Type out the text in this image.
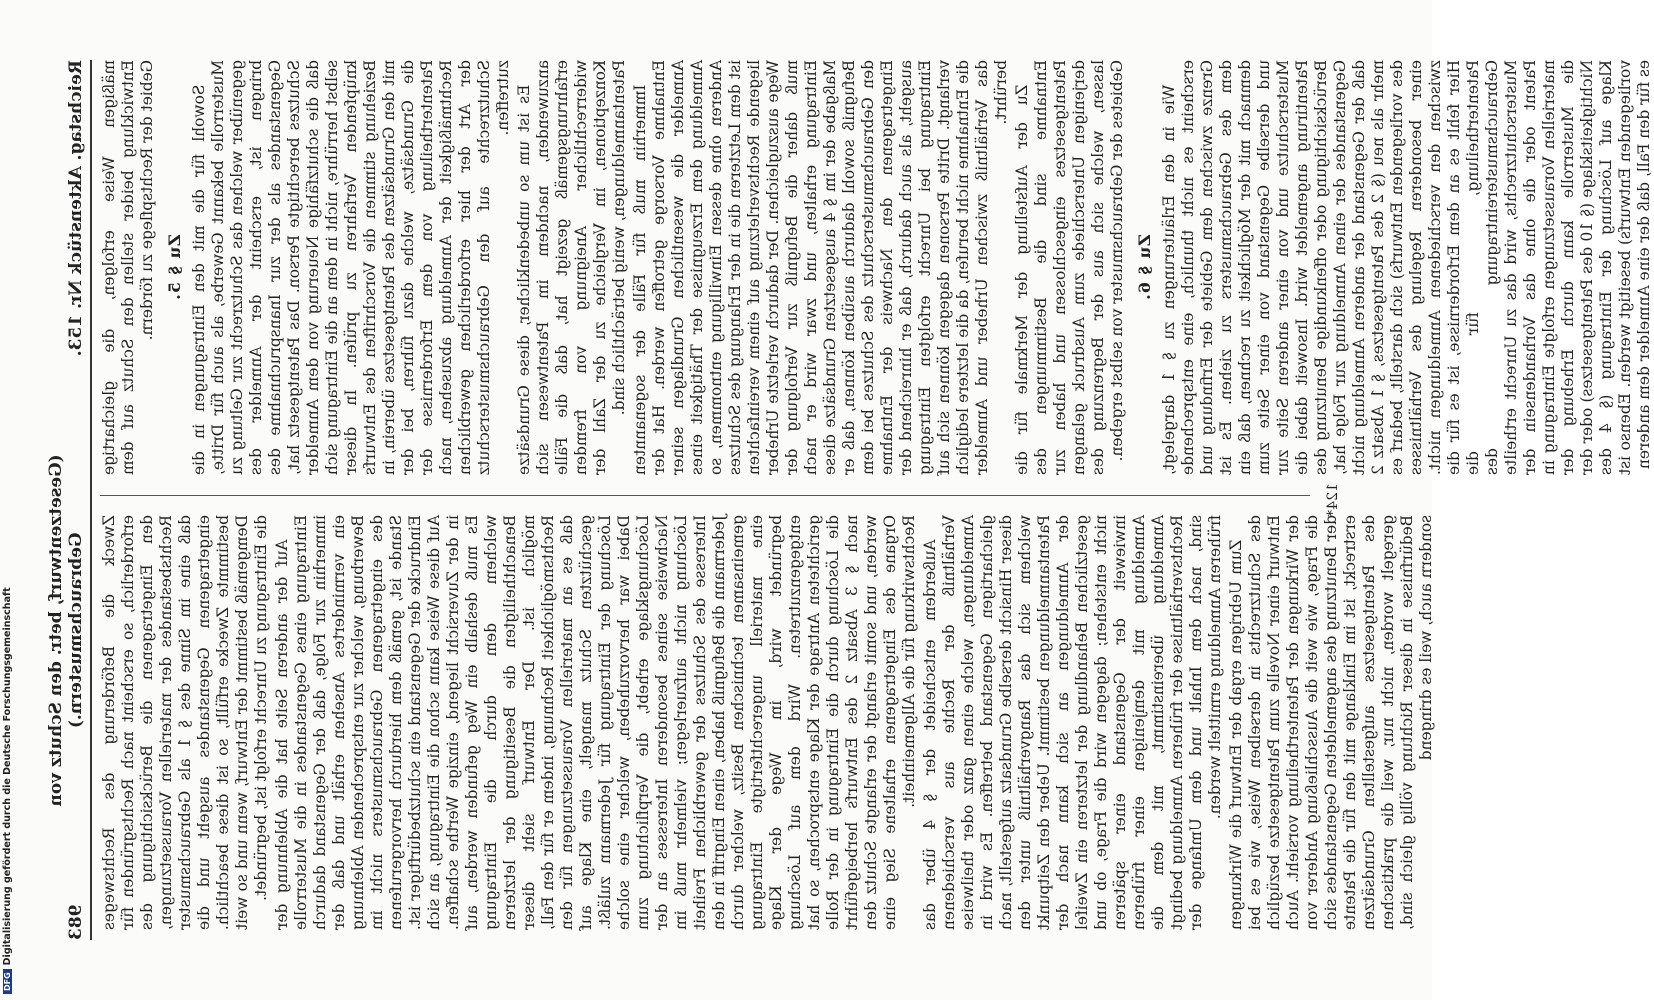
Reichstag. Aktenstück Nr. 153.
(Gesetzentwurf, betr. den Schutz von Gebrauchsmustern.)
983

mäßigen Weise erfolgen, die gleichartige Entwicklung beider stellen den Schutz auf dem Gebiet der Rechtspflege zu fördern. Zu § 5. Sowohl für die mit den Eintragungen in die Musterrolle bekannt Gewerbe, als auch für Dritte, gegenüber welchen das Schutzrecht zur Geltung zu bringen ist, erscheint der Anmelder des Gegenstandes als der zur Inanspruchnahme des Schutzes berechtigte Person. Das Patentgesetz hat, daß die schutzfähige Neuerung von dem Anmelder selbst herrühre, nicht in dem an die Eintragung sich knüpfenden Verfahren zu prüfen. In dieser Beziehung stimmen die Vorschriften des Entwurfs mit den Grundsätzen des Patentgesetzes überein, in die Grundsätze, welche dazu führen, bei der Patentertheilung von dem Erfordernisse der Rechtmäßigkeit der Anmeldung abzusehen, nach der Art der hier erforderlichen gewerblichen Schutzrechte auf den Gebrauchsmusterschutz zutreffen. Es ist um so unbedenklicher, diese Grundsätze anzuwenden, nachdem im Patentwesen sich erfahrungsgemäß gezeigt hat, daß die Fälle widerrechtlicher Aneignung von fremden Konzeptionen, im Vergleiche zu der Zahl der Patentanmeldungen, wenig beträchtlich sind. Immerhin muß für Fälle der sogenannten Entnahme Vorsorge getroffen werden. Hat der Anmelder die wesentlichen Grundlagen seiner Anmeldung dem Erzeugnisse der Thätigkeit eines Anderen ohne dessen Einwilligung entnommen, so ist dem Letzteren die in der Erlangung des Schutzes liegende Rechtsverletzung auf einem vereinfachten Wege auszugleichen. Der dadurch verletzte Urheber muß daher die Befugniß zur Verfolgung der Eintragung erhalten, und zwar wird er nach Maßgabe der im § 4 ausgesetzten Grundsätze diese Befugniß sowohl dadurch ausüben können, daß er den Gebrauchsmusterschutz des Schutzes bei dem Eingetragenen den Nachweis der Entnahme ausgeht, als auch dadurch, daß er hinreichend der Eintragung bei Unrecht erfolgten Eintragung verlangt. Dritte Personen dagegen können sich auf die Entnahme nicht berufen, da die letztere lediglich das Verhältniß zwischen Urheber und Anmelder berührt. Zu der Aufstellung der Merkmale für die Entnahme sind die Bestimmungen des Patentgesetzes eingeschlossen und haben zur derjenigen Unterschiede zum Ausdruck gelangen lassen, welche sich aus der Begrenzung des Gebietes der Gebrauchsmuster von selbst ergeben. Zu § 6. Wie in den Erläuterungen zu § 1 dargelegt, erscheint es nicht thunlich, eine entsprechende Grenze zwischen dem Gebiete der Erfindung und dem des Gebrauchsmusters zu ziehen. Es ist demnach mit der Möglichkeit zu rechnen, daß ein und derselbe Gegenstand von einer Seite zum Musterschutze und von einer anderen Seite zur Patentirung angemeldet wird. Insoweit dabei die Berücksichtigung oder offenkundige Benutzung des Gegenstandes der einen Anmeldung zur Folge hat, daß der Gegenstand der anderen Anmeldung nicht mehr als neu (§ 2 des Patentgesetzes, § 1 Absatz 2 des vorliegenden Entwurfs) sich darstellt, bedarf es einer besonderen Regelung des Verhältnisses zwischen den verschiedenen Anmeldungen nicht. Hier fehlt es an dem Erfordernisse, ist es für die Patentertheilung, für die Gebrauchsmustereintragung des Musterschutzrechts, wird das zu Unrecht ertheilte Patent oder die ohne das Vorhandensein der materiellen Voraussetzungen erfolgte Eintragung in die Musterrolle kann durch Erhebung der Nichtigkeitsklage (§ 10 des Patentgesetzes) oder der Klage auf Löschung der Eintragung (§ 4 des vorliegenden Entwurfs) beseitigt werden. Ebenso ist es für den Fall, daß der eine Anmelder dem anderen

Zweck die Beförderung des Rechtsweges erforderlich, so erscheint nach Rechtsgründen für den Eingetragenen die Berücksichtigung des Rechtsbestandes der materiellen Voraussetzungen, daß eine im Sinne des § 1 als Gebrauchsmuster eingetragenen Gegenstandes ausgeht und die bestimmte Zwecke erfüllt, so ist diese beachtlich. Demgemäß bestimmt der Entwurf, wenn und so weit die Eintragung zu Unrecht erfolgt ist, begründet. Auf der anderen Seite hat die Ablehnung der Eintragung eines Gegenstandes in die Musterrolle immerhin zur Folge, daß der Gegenstand dadurch ein vermindertes Ansehen erhält und daß der Bewerbung, welcher zur entsprechenden Ablehnung des eingetragenen Gebrauchsmusters nicht im Stande ist, gemäß dem hierdurch hervorgerufenen Eindrucke der Gegenstand ein schutzbedürftiger ist. Auf diese Weise kann schon die Eintragung, an sich in der Zuversicht liegend, einzige Werthe schaffen. Es muß deshalb ein Weg gefunden werden, auf welchem dem durch die Eintragung Benachtheiligten die Beseitigung der letzteren möglich ist. Der Entwurf sieht dieser Rechtsmöglichkeit Rechnung, indem er für den Fall, daß es an materiellen Voraussetzungen für den geschützten Schutz mangelt, eine Klage auf Löschung der Eintragung für Jedermann zuläßt. Dabei war hervorzuheben, welcher eine solche Löschungsklage erhebt, die Verpflichtung zum Nachweise seines besonderen Interesses an der Löschung nicht aufzuerlegen; vielmehr muß im Interesse des Schutzes der gewerblichen Freiheit Jedermann die Befugniß haben, einen Eingriff in den gemeinsamen technischen Besitz, welcher durch eine materiell ungerechtfertigte Eintragung begründet wird, im Wege der Klage entgegenzutreten. Wird dem auf Löschung gerichteten Antrage der Klage entsprochen, so hat die Löschung durch die Eintragung in der Rolle nach § 3 Absatz 2 des Entwurfs herbeigeführt werden, und somit erlangt der erlangte Schutz den Organe des Eingetragenen erhaltene Sieg eine Rechtswirkung für die Allgemeinheit. Außerdem entscheidet der § 4 über das Verhältniß der Rechte aus verschiedenen Anmeldungen, welche einen ganz oder theilweise gleichartigen Gegenstand betreffen. Es wird in dieser Hinsicht derselbe Grundsatz aufgestellt, nach welchem sich das Rangverhältniß unter den Patentanmeldungen bestimmt. Ueber den Zeitpunkt der Anmeldungen an sich kann nach der gesetzlichen Behandlung der letzteren ein Zweifel nicht entstehen; dagegen wird die Frage, ob und inwieweit der Gegenstand einer späteren Anmeldung mit demjenigen einer früheren Anmeldung übereinstimmt, mit dem die Rechtsverhältnisse der früheren Anmeldung bedingt sind, nach dem Inhalt und dem Umfange der früheren Anmeldung ermittelt werden. Zum Uebrigen ergab der Entwurf die Wirkungen des Schutzrechts in derselben Weise, wie es bei Entwurf einer Novelle zum Patentgesetze bezüglich der Wirkungen der Patentertheilung vorsieht. Auch die Frage, wie weit die Ausschließung Anderer von der Benutzung des angemeldeten Gegenstandes sich erstreckt, ist im Einklange mit den für die Patente des Patentgesetzes aufgestellten Grundsätzen geregelt worden, nicht nur, weil die praktischen Bedürfnisse in dieser Richtung völlig gleich sind, sondern auch, weil es dringend

124*
DFGDigitalisierung gefördert durch die Deutsche Forschungsgemeinschaft
